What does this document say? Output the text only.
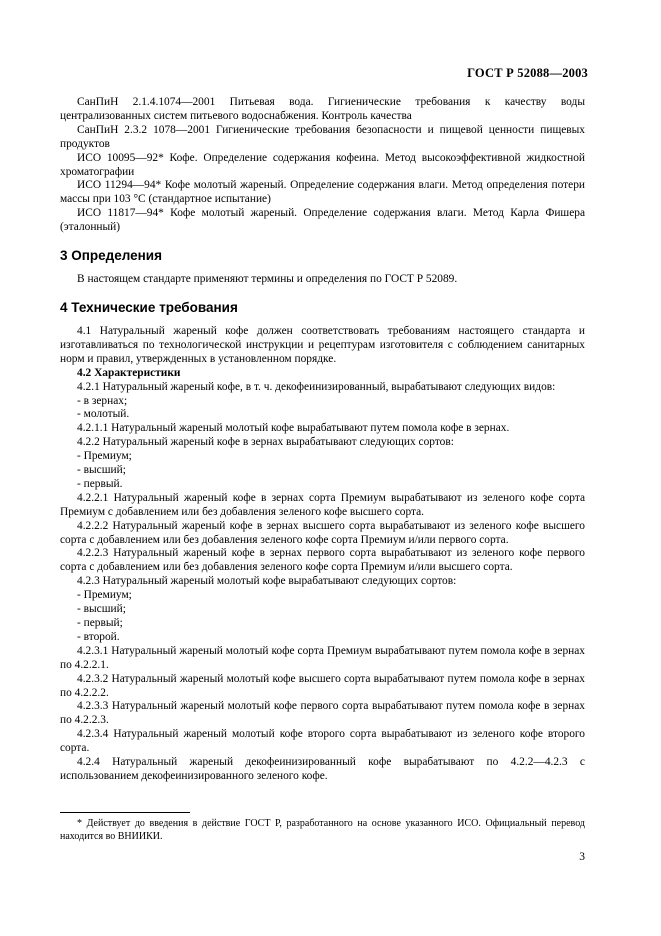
ГОСТ Р 52088—2003

СанПиН 2.1.4.1074—2001 Питьевая вода. Гигиенические требования к качеству воды централизованных систем питьевого водоснабжения. Контроль качества

СанПиН 2.3.2 1078—2001 Гигиенические требования безопасности и пищевой ценности пищевых продуктов

ИСО 10095—92* Кофе. Определение содержания кофеина. Метод высокоэффективной жидкостной хроматографии

ИСО 11294—94* Кофе молотый жареный. Определение содержания влаги. Метод определения потери массы при 103 °С (стандартное испытание)

ИСО 11817—94* Кофе молотый жареный. Определение содержания влаги. Метод Карла Фишера (эталонный)

3 Определения

В настоящем стандарте применяют термины и определения по ГОСТ Р 52089.

4 Технические требования

4.1 Натуральный жареный кофе должен соответствовать требованиям настоящего стандарта и изготавливаться по технологической инструкции и рецептурам изготовителя с соблюдением санитарных норм и правил, утвержденных в установленном порядке.

4.2 Характеристики

4.2.1 Натуральный жареный кофе, в т. ч. декофеинизированный, вырабатывают следующих видов:

- в зернах;

- молотый.

4.2.1.1 Натуральный жареный молотый кофе вырабатывают путем помола кофе в зернах.

4.2.2 Натуральный жареный кофе в зернах вырабатывают следующих сортов:

- Премиум;

- высший;

- первый.

4.2.2.1 Натуральный жареный кофе в зернах сорта Премиум вырабатывают из зеленого кофе сорта Премиум с добавлением или без добавления зеленого кофе высшего сорта.

4.2.2.2 Натуральный жареный кофе в зернах высшего сорта вырабатывают из зеленого кофе высшего сорта с добавлением или без добавления зеленого кофе сорта Премиум и/или первого сорта.

4.2.2.3 Натуральный жареный кофе в зернах первого сорта вырабатывают из зеленого кофе первого сорта с добавлением или без добавления зеленого кофе сорта Премиум и/или высшего сорта.

4.2.3 Натуральный жареный молотый кофе вырабатывают следующих сортов:

- Премиум;

- высший;

- первый;

- второй.

4.2.3.1 Натуральный жареный молотый кофе сорта Премиум вырабатывают путем помола кофе в зернах по 4.2.2.1.

4.2.3.2 Натуральный жареный молотый кофе высшего сорта вырабатывают путем помола кофе в зернах по 4.2.2.2.

4.2.3.3 Натуральный жареный молотый кофе первого сорта вырабатывают путем помола кофе в зернах по 4.2.2.3.

4.2.3.4 Натуральный жареный молотый кофе второго сорта вырабатывают из зеленого кофе второго сорта.

4.2.4 Натуральный жареный декофеинизированный кофе вырабатывают по 4.2.2—4.2.3 с использованием декофеинизированного зеленого кофе.

* Действует до введения в действие ГОСТ Р, разработанного на основе указанного ИСО. Официальный перевод находится во ВНИИКИ.
3
